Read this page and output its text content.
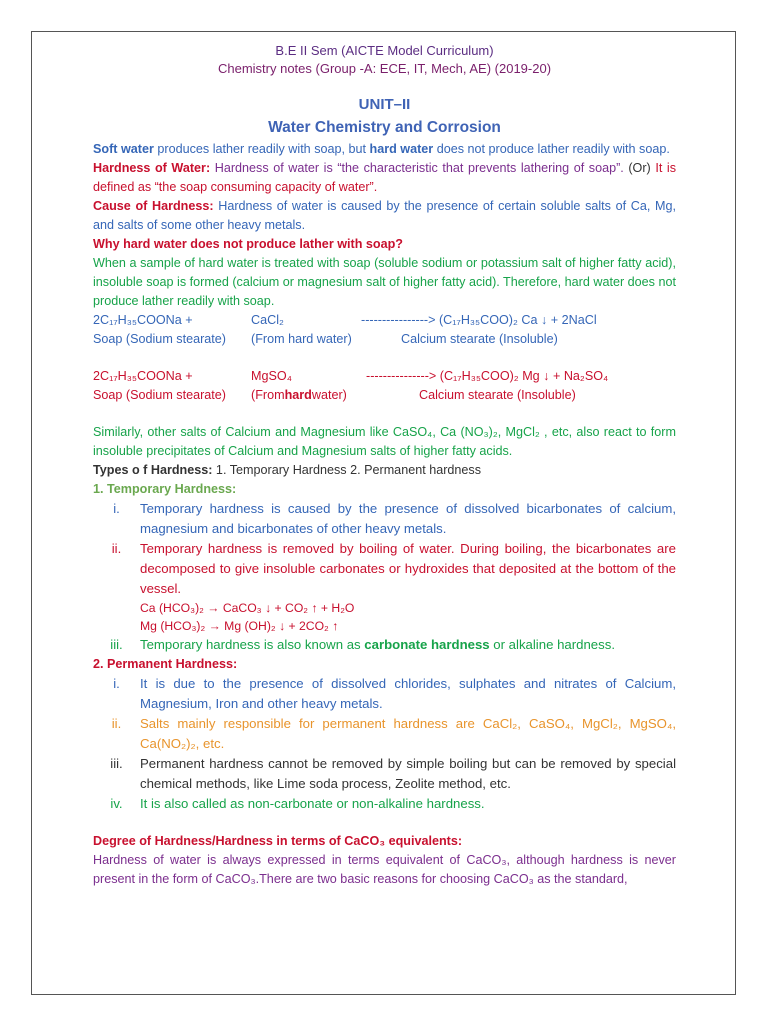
B.E II Sem (AICTE Model Curriculum)
Chemistry notes (Group -A: ECE, IT, Mech, AE) (2019-20)
UNIT–II
Water Chemistry and Corrosion

Soft water produces lather readily with soap, but hard water does not produce lather readily with soap.

Hardness of Water: Hardness of water is “the characteristic that prevents lathering of soap”. (Or) It is defined as “the soap consuming capacity of water”.

Cause of Hardness: Hardness of water is caused by the presence of certain soluble salts of Ca, Mg, and salts of some other heavy metals.

Why hard water does not produce lather with soap?

When a sample of hard water is treated with soap (soluble sodium or potassium salt of higher fatty acid), insoluble soap is formed (calcium or magnesium salt of higher fatty acid). Therefore, hard water does not produce lather readily with soap.

2C₁₇H₃₅COONa +	CaCl₂	----------------> (C₁₇H₃₅COO)₂ Ca ↓ + 2NaCl
Soap (Sodium stearate)	(From hard water)	Calcium stearate (Insoluble)
2C₁₇H₃₅COONa +	MgSO₄	---------------> (C₁₇H₃₅COO)₂ Mg ↓ + Na₂SO₄
Soap (Sodium stearate)	(Fromhardwater)	Calcium stearate (Insoluble)

Similarly, other salts of Calcium and Magnesium like CaSO₄, Ca (NO₃)₂, MgCl₂ , etc, also react to form insoluble precipitates of Calcium and Magnesium salts of higher fatty acids.

Types o f Hardness: 1. Temporary Hardness 2. Permanent hardness

1. Temporary Hardness:

i.	Temporary hardness is caused by the presence of dissolved bicarbonates of calcium, magnesium and bicarbonates of other heavy metals.
ii.	Temporary hardness is removed by boiling of water. During boiling, the bicarbonates are decomposed to give insoluble carbonates or hydroxides that deposited at the bottom of the vessel.
Ca (HCO₃)₂ → CaCO₃ ↓ + CO₂ ↑ + H₂O
Mg (HCO₃)₂ → Mg (OH)₂ ↓ + 2CO₂ ↑
iii.	Temporary hardness is also known as carbonate hardness or alkaline hardness.

2. Permanent Hardness:

i.	It is due to the presence of dissolved chlorides, sulphates and nitrates of Calcium, Magnesium, Iron and other heavy metals.
ii.	Salts mainly responsible for permanent hardness are CaCl₂, CaSO₄, MgCl₂, MgSO₄, Ca(NO₂)₂, etc.
iii.	Permanent hardness cannot be removed by simple boiling but can be removed by special chemical methods, like Lime soda process, Zeolite method, etc.
iv.	It is also called as non-carbonate or non-alkaline hardness.

Degree of Hardness/Hardness in terms of CaCO₃ equivalents:

Hardness of water is always expressed in terms equivalent of CaCO₃, although hardness is never present in the form of CaCO₃.There are two basic reasons for choosing CaCO₃ as the standard,
